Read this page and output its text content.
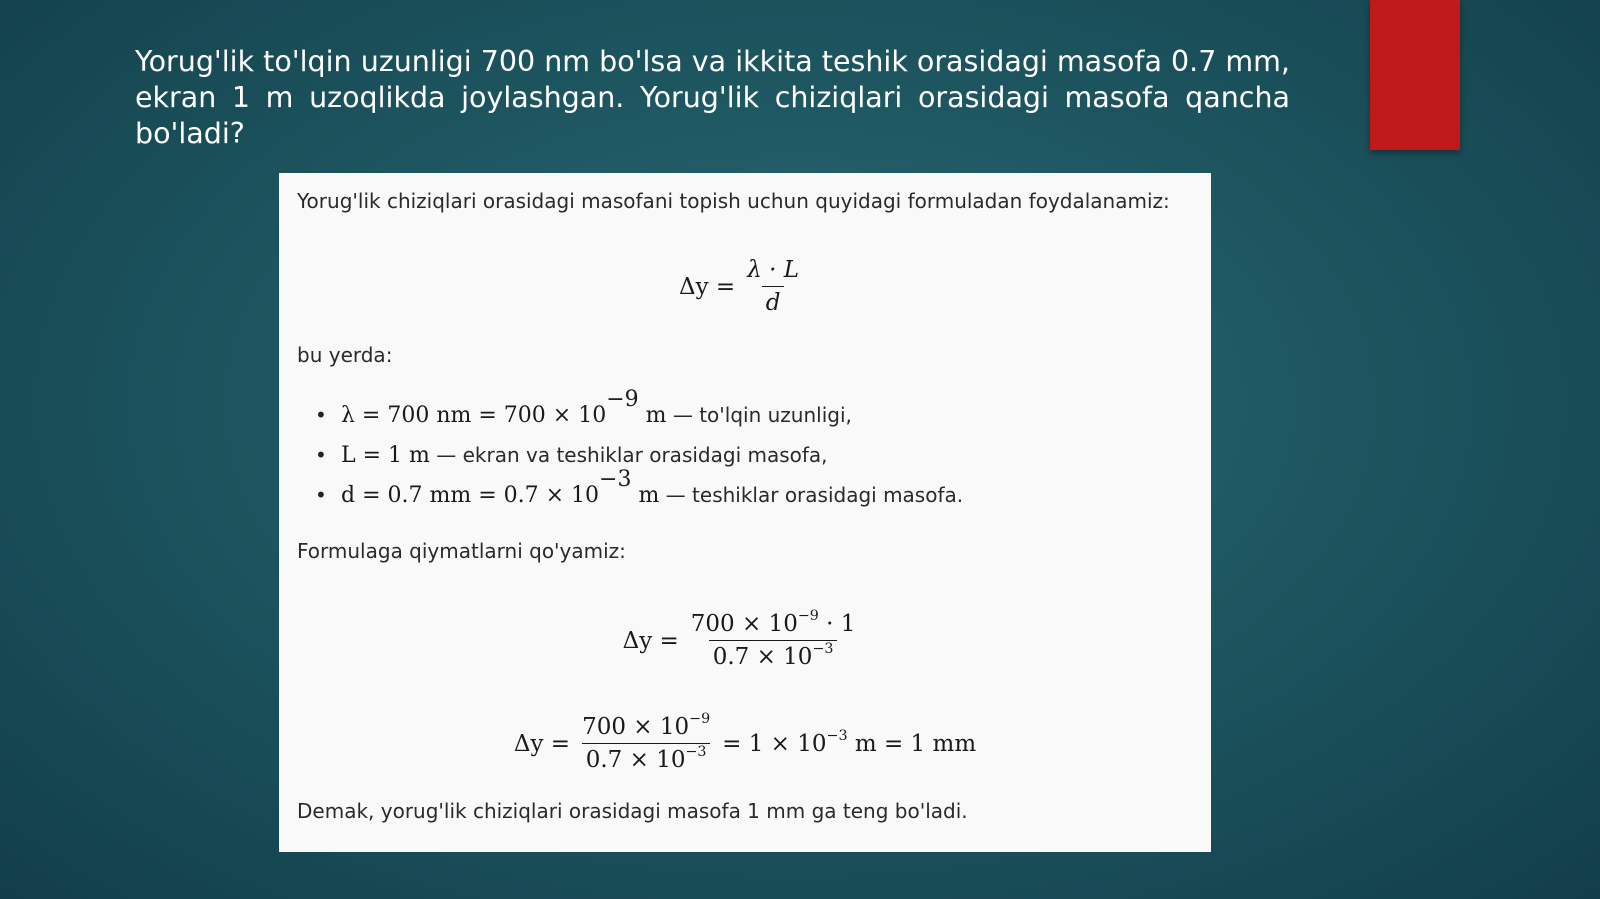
Yorug'lik to'lqin uzunligi 700 nm bo'lsa va ikkita teshik orasidagi masofa 0.7 mm, ekran 1 m uzoqlikda joylashgan. Yorug'lik chiziqlari orasidagi masofa qancha bo'ladi?
Yorug'lik chiziqlari orasidagi masofani topish uchun quyidagi formuladan foydalanamiz:
$\Delta y = \frac{\lambda \cdot L}{d}$
bu yerda:
• λ = 700 nm = $700 \times 10^{-9}$ m — to'lqin uzunligi,
• L = 1 m — ekran va teshiklar orasidagi masofa,
• d = 0.7 mm = $0.7 \times 10^{-3}$ m — teshiklar orasidagi masofa.
Formulaga qiymatlarni qo'yamiz:
$\Delta y = \frac{700 \times 10^{-9} \cdot 1}{0.7 \times 10^{-3}}$
$\Delta y = \frac{700 \times 10^{-9}}{0.7 \times 10^{-3}} = 1 \times 10^{-3}$ m = 1 mm
Demak, yorug'lik chiziqlari orasidagi masofa 1 mm ga teng bo'ladi.
